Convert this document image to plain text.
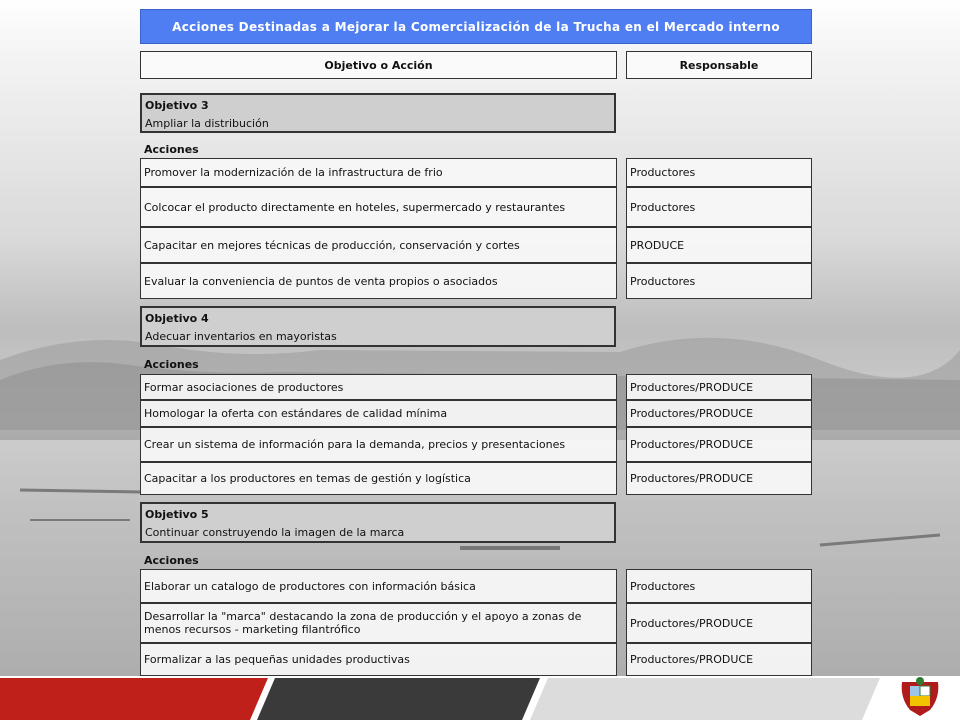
Acciones Destinadas a Mejorar la Comercialización de la Trucha en el Mercado interno
Objetivo o Acción	Responsable
Objetivo 3
Ampliar la distribución
Acciones
Promover la modernización de la infrastructura de frio	Productores
Colcocar el producto directamente en hoteles, supermercado y restaurantes	Productores
Capacitar en mejores técnicas de producción, conservación y cortes	PRODUCE
Evaluar la conveniencia de puntos de venta propios o asociados	Productores
Objetivo 4
Adecuar inventarios en mayoristas
Acciones
Formar asociaciones de productores	Productores/PRODUCE
Homologar la oferta con estándares de calidad mínima	Productores/PRODUCE
Crear un sistema de información para la demanda, precios y presentaciones	Productores/PRODUCE
Capacitar a los productores en temas de gestión y logística	Productores/PRODUCE
Objetivo 5
Continuar construyendo la imagen de la marca
Acciones
Elaborar un catalogo de productores con información básica	Productores
Desarrollar la "marca" destacando la zona de producción y el apoyo a zonas de menos recursos - marketing filantrófico	Productores/PRODUCE
Formalizar a las pequeñas unidades productivas	Productores/PRODUCE
